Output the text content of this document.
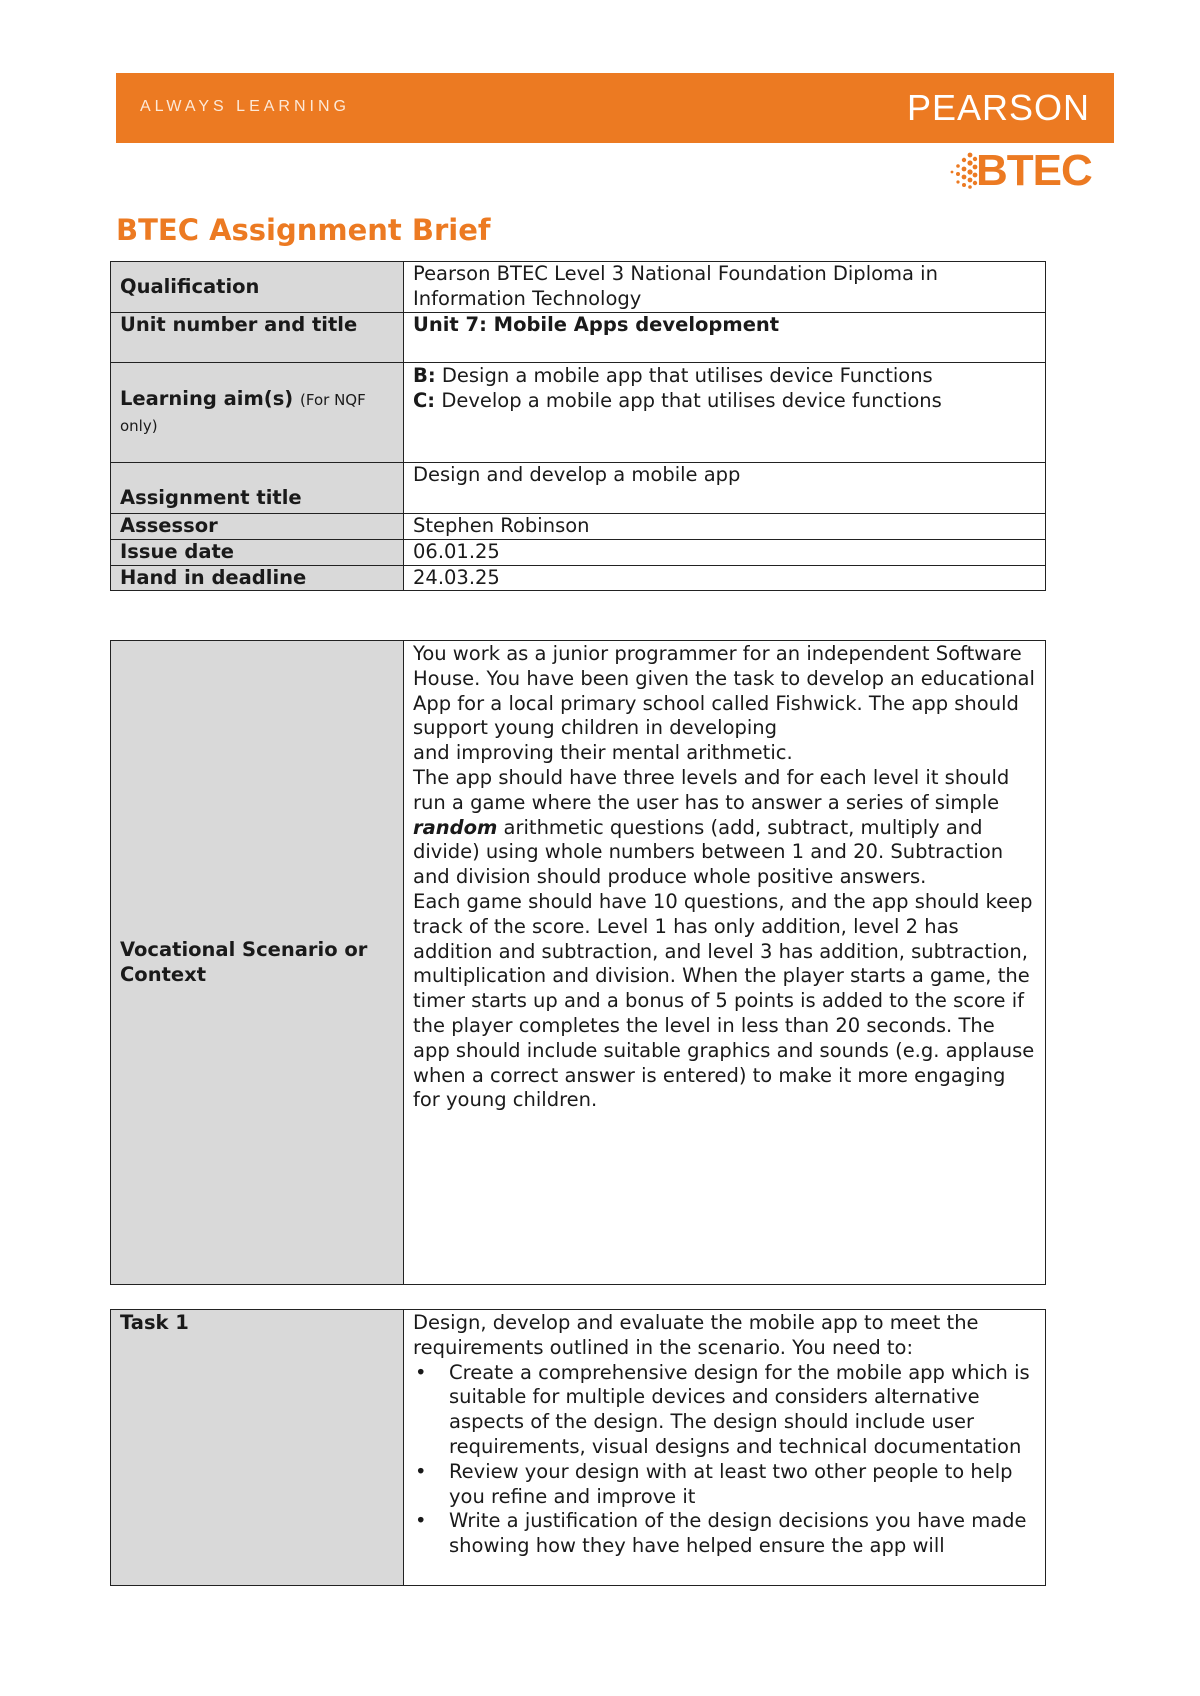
ALWAYS LEARNING	PEARSON
BTEC
BTEC Assignment Brief
Qualification	Pearson BTEC Level 3 National Foundation Diploma in Information Technology
Unit number and title	Unit 7: Mobile Apps development
Learning aim(s) (For NQF only)	B: Design a mobile app that utilises device Functions
C: Develop a mobile app that utilises device functions
Assignment title	Design and develop a mobile app
Assessor	Stephen Robinson
Issue date	06.01.25
Hand in deadline	24.03.25
Vocational Scenario or Context	
You work as a junior programmer for an independent Software House. You have been given the task to develop an educational App for a local primary school called Fishwick. The app should support young children in developing
and improving their mental arithmetic.
The app should have three levels and for each level it should run a game where the user has to answer a series of simple random arithmetic questions (add, subtract, multiply and divide) using whole numbers between 1 and 20. Subtraction and division should produce whole positive answers.
Each game should have 10 questions, and the app should keep track of the score. Level 1 has only addition, level 2 has addition and subtraction, and level 3 has addition, subtraction, multiplication and division. When the player starts a game, the timer starts up and a bonus of 5 points is added to the score if the player completes the level in less than 20 seconds. The app should include suitable graphics and sounds (e.g. applause when a correct answer is entered) to make it more engaging for young children.
Task 1	Design, develop and evaluate the mobile app to meet the requirements outlined in the scenario. You need to:
• Create a comprehensive design for the mobile app which is suitable for multiple devices and considers alternative aspects of the design. The design should include user requirements, visual designs and technical documentation
• Review your design with at least two other people to help you refine and improve it
• Write a justification of the design decisions you have made showing how they have helped ensure the app will
